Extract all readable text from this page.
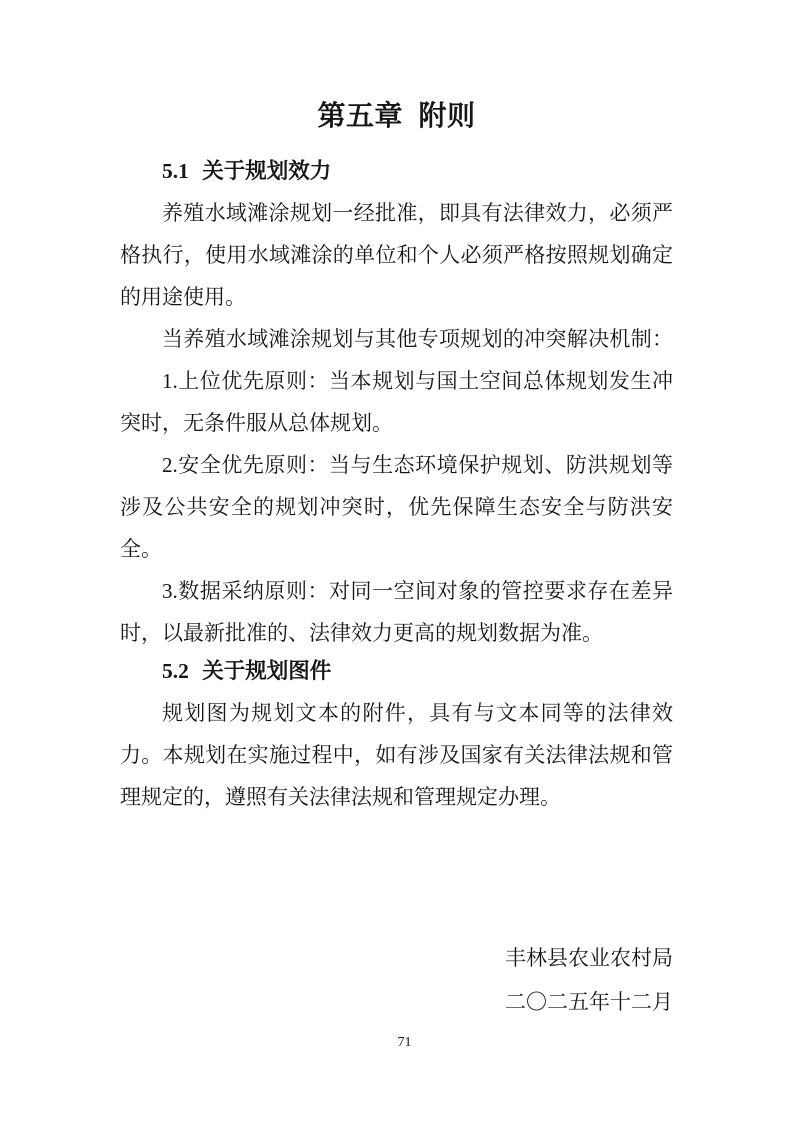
第五章 附则
5.1 关于规划效力
养殖水域滩涂规划一经批准，即具有法律效力，必须严
格执行，使用水域滩涂的单位和个人必须严格按照规划确定
的用途使用。
当养殖水域滩涂规划与其他专项规划的冲突解决机制：
1.上位优先原则：当本规划与国土空间总体规划发生冲
突时，无条件服从总体规划。
2.安全优先原则：当与生态环境保护规划、防洪规划等
涉及公共安全的规划冲突时，优先保障生态安全与防洪安
全。
3.数据采纳原则：对同一空间对象的管控要求存在差异
时，以最新批准的、法律效力更高的规划数据为准。
5.2 关于规划图件
规划图为规划文本的附件，具有与文本同等的法律效
力。本规划在实施过程中，如有涉及国家有关法律法规和管
理规定的，遵照有关法律法规和管理规定办理。
丰林县农业农村局
二〇二五年十二月
71
